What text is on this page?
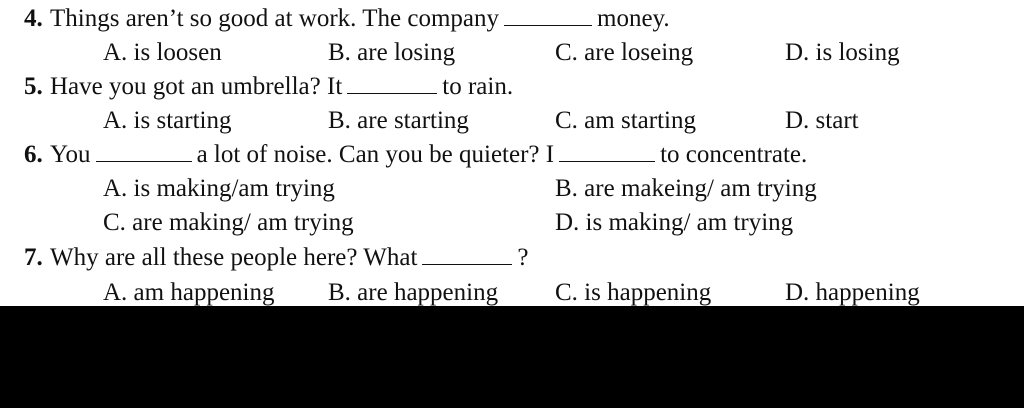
4. Things aren’t so good at work. The company	money.
A. is loosen	B. are losing	C. are loseing	D. is losing
5. Have you got an umbrella? It	to rain.
A. is starting	B. are starting	C. am starting	D. start
6. You	a lot of noise. Can you be quieter? I	to concentrate.
A. is making/am trying	B. are makeing/ am trying
C. are making/ am trying	D. is making/ am trying
7. Why are all these people here? What	?
A. am happening B. are happening C. is happening	D. happening
